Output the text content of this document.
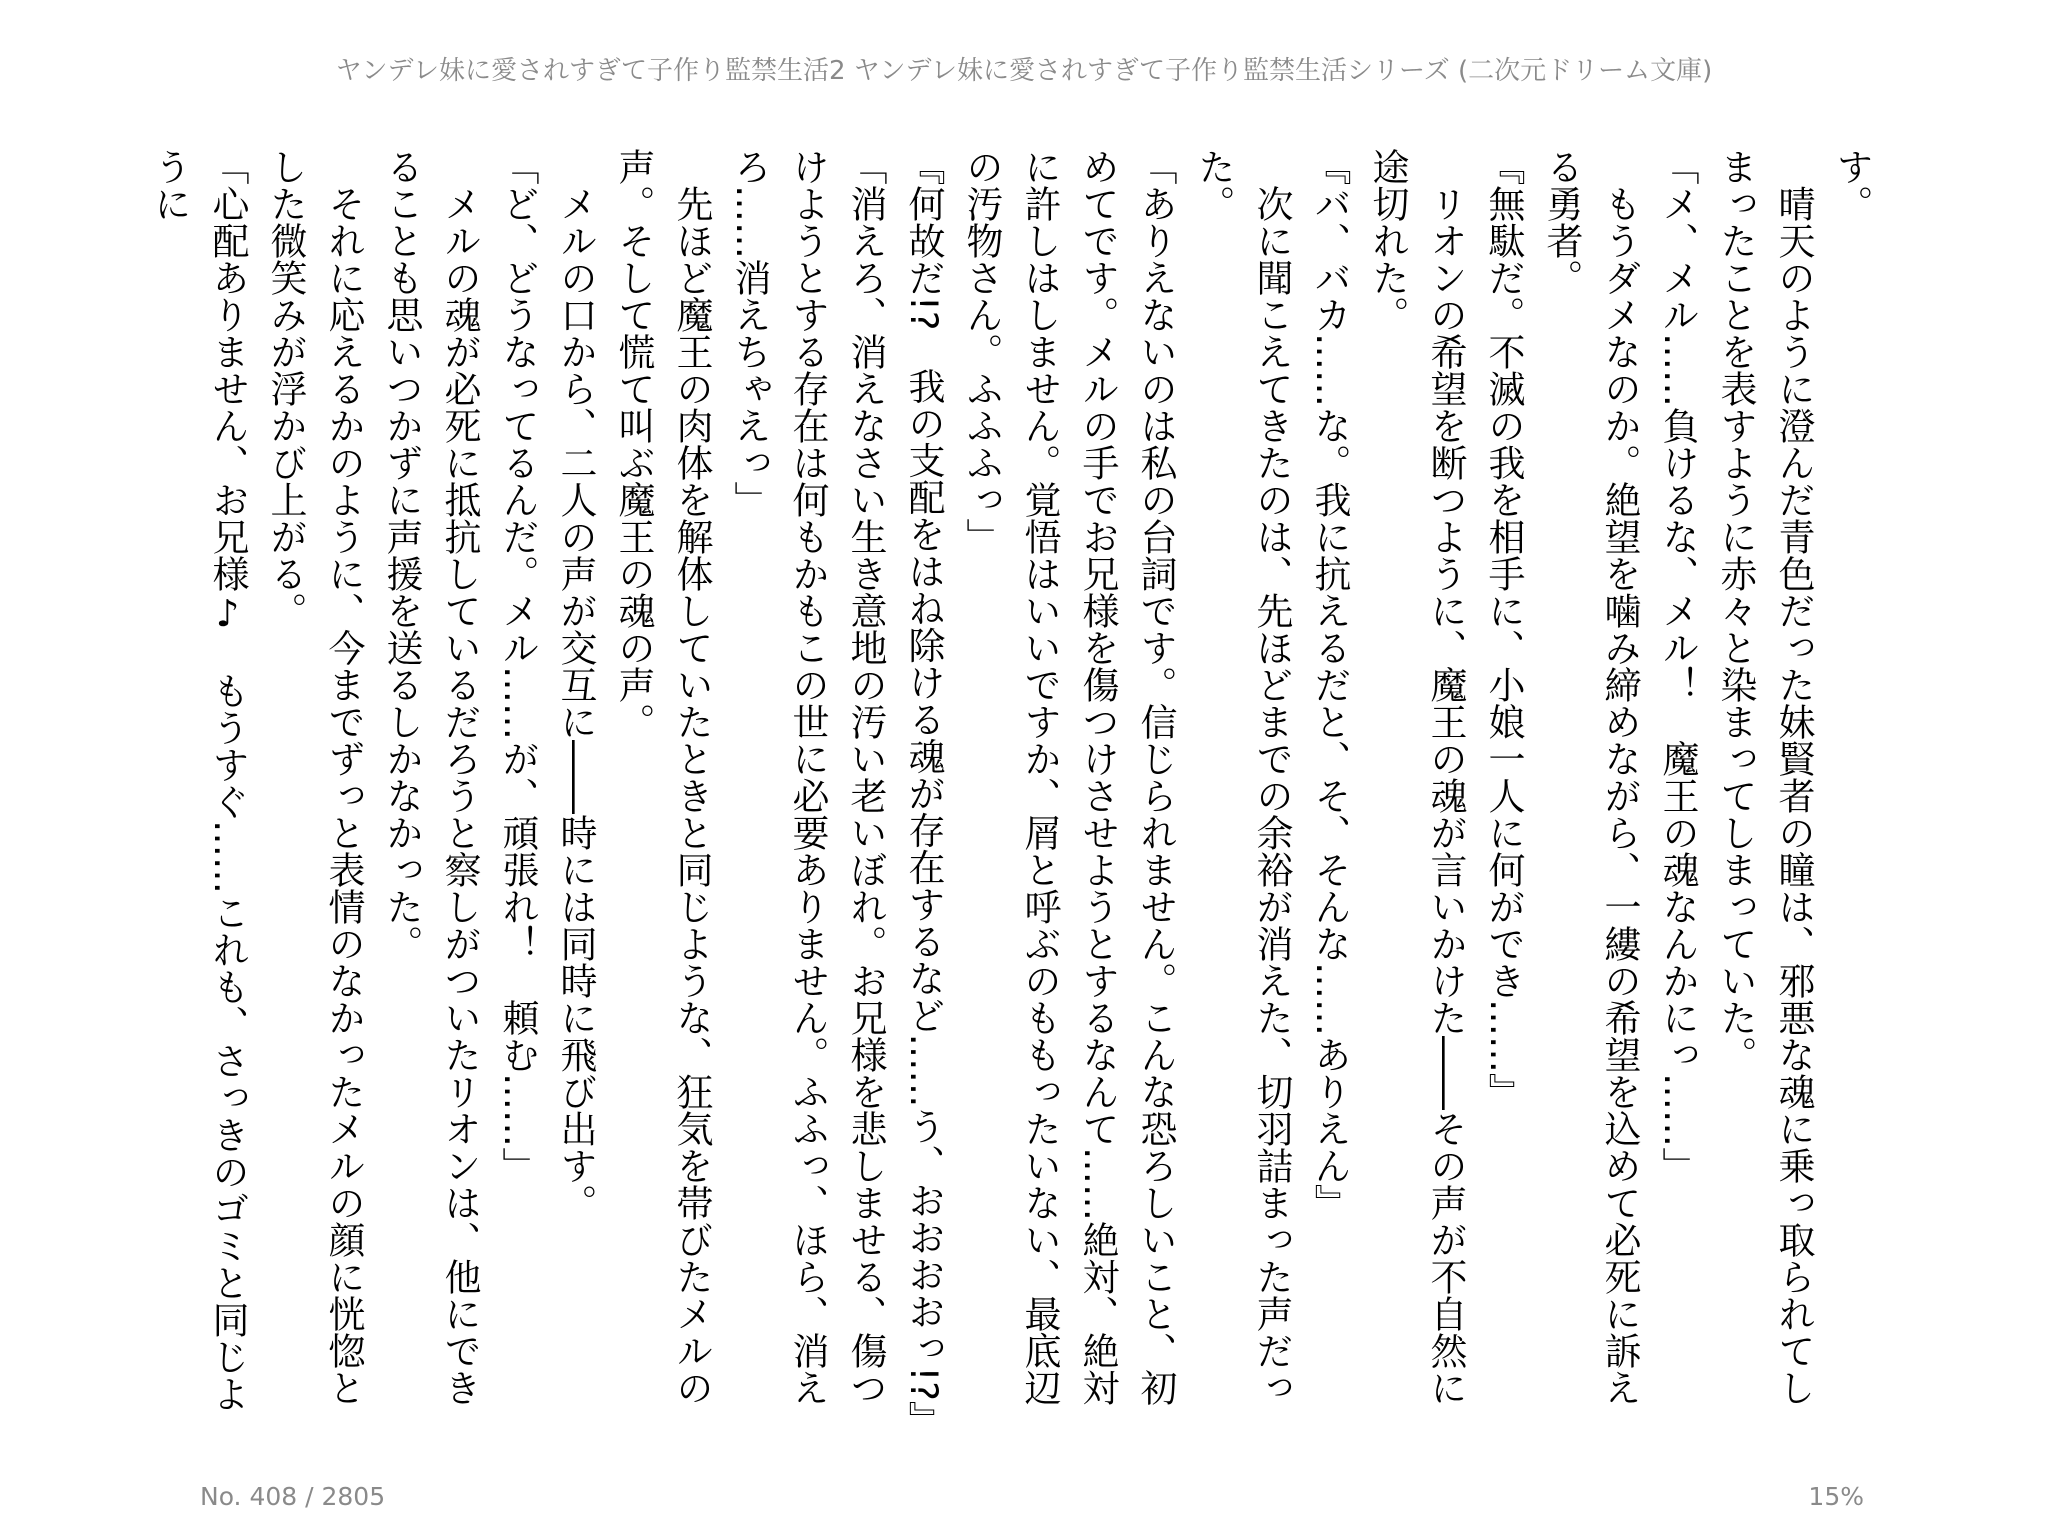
ヤンデレ妹に愛されすぎて子作り監禁生活2 ヤンデレ妹に愛されすぎて子作り監禁生活シリーズ (二次元ドリーム文庫)

す。

　晴天のように澄んだ青色だった妹賢者の瞳は、邪悪な魂に乗っ取られてしまったことを表すように赤々と染まってしまっていた。

「メ、メル……負けるな、メル！　魔王の魂なんかにっ……」

　もうダメなのか。絶望を噛み締めながら、一縷の希望を込めて必死に訴える勇者。

『無駄だ。不滅の我を相手に、小娘一人に何ができ……』

　リオンの希望を断つように、魔王の魂が言いかけた――その声が不自然に途切れた。

『バ、バカ……な。我に抗えるだと、そ、そんな……ありえん』

　次に聞こえてきたのは、先ほどまでの余裕が消えた、切羽詰まった声だった。

「ありえないのは私の台詞です。信じられません。こんな恐ろしいこと、初めてです。メルの手でお兄様を傷つけさせようとするなんて……絶対、絶対に許しはしません。覚悟はいいですか、屑と呼ぶのももったいない、最底辺の汚物さん。ふふふっ」

『何故だ!?　我の支配をはね除ける魂が存在するなど……う、おおおおっ!?』

「消えろ、消えなさい生き意地の汚い老いぼれ。お兄様を悲しませる、傷つけようとする存在は何もかもこの世に必要ありません。ふふっ、ほら、消えろ……消えちゃえっ」

　先ほど魔王の肉体を解体していたときと同じような、狂気を帯びたメルの声。そして慌て叫ぶ魔王の魂の声。

　メルの口から、二人の声が交互に――時には同時に飛び出す。

「ど、どうなってるんだ。メル……が、頑張れ！　頼む……」

　メルの魂が必死に抵抗しているだろうと察しがついたリオンは、他にできることも思いつかずに声援を送るしかなかった。

　それに応えるかのように、今までずっと表情のなかったメルの顔に恍惚とした微笑みが浮かび上がる。

「心配ありません、お兄様♪　もうすぐ……これも、さっきのゴミと同じように

No. 408 / 2805	15%
